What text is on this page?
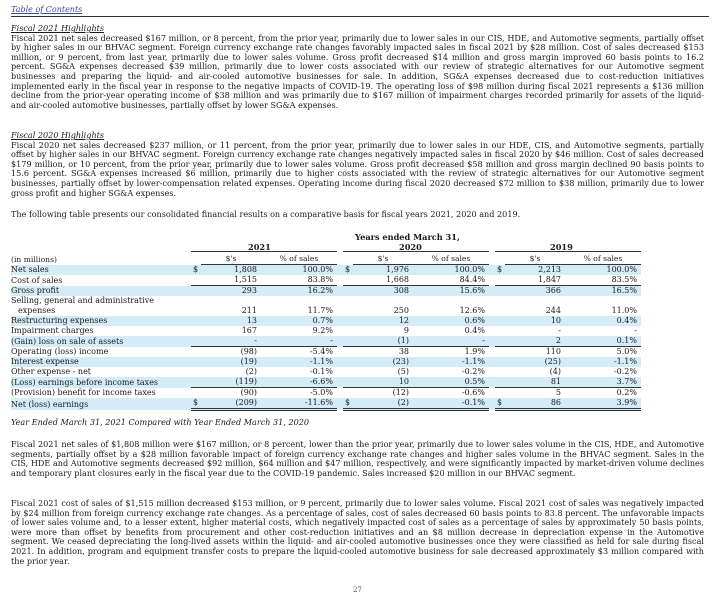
Table of Contents
Fiscal 2021 Highlights

Fiscal 2021 net sales decreased $167 million, or 8 percent, from the prior year, primarily due to lower sales in our CIS, HDE, and Automotive segments, partially offset by higher sales in our BHVAC segment. Foreign currency exchange rate changes favorably impacted sales in fiscal 2021 by $28 million. Cost of sales decreased $153 million, or 9 percent, from last year, primarily due to lower sales volume. Gross profit decreased $14 million and gross margin improved 60 basis points to 16.2 percent. SG&A expenses decreased $39 million, primarily due to lower costs associated with our review of strategic alternatives for our Automotive segment businesses and preparing the liquid- and air-cooled automotive businesses for sale. In addition, SG&A expenses decreased due to cost-reduction initiatives implemented early in the fiscal year in response to the negative impacts of COVID-19. The operating loss of $98 million during fiscal 2021 represents a $136 million decline from the prior-year operating income of $38 million and was primarily due to $167 million of impairment charges recorded primarily for assets of the liquid- and air-cooled automotive businesses, partially offset by lower SG&A expenses.

Fiscal 2020 Highlights

Fiscal 2020 net sales decreased $237 million, or 11 percent, from the prior year, primarily due to lower sales in our HDE, CIS, and Automotive segments, partially offset by higher sales in our BHVAC segment. Foreign currency exchange rate changes negatively impacted sales in fiscal 2020 by $46 million. Cost of sales decreased $179 million, or 10 percent, from the prior year, primarily due to lower sales volume. Gross profit decreased $58 million and gross margin declined 90 basis points to 15.6 percent. SG&A expenses increased $6 million, primarily due to higher costs associated with the review of strategic alternatives for our Automotive segment businesses, partially offset by lower-compensation related expenses. Operating income during fiscal 2020 decreased $72 million to $38 million, primarily due to lower gross profit and higher SG&A expenses.

The following table presents our consolidated financial results on a comparative basis for fiscal years 2021, 2020 and 2019.

Years ended March 31,
2021	2020	2019
(in millions)		$'s	% of sales			$'s	% of sales			$'s	% of sales
Net sales	$	1,808	100.0%		$	1,976	100.0%		$	2,213	100.0%
Cost of sales		1,515	83.8%			1,668	84.4%			1,847	83.5%
Gross profit		293	16.2%			308	15.6%			366	16.5%
Selling, general and administrative											
expenses		211	11.7%			250	12.6%			244	11.0%
Restructuring expenses		13	0.7%			12	0.6%			10	0.4%
Impairment charges		167	9.2%			9	0.4%			-	-
(Gain) loss on sale of assets		-	-			(1)	-			2	0.1%
Operating (loss) income		(98)	-5.4%			38	1.9%			110	5.0%
Interest expense		(19)	-1.1%			(23)	-1.1%			(25)	-1.1%
Other expense - net		(2)	-0.1%			(5)	-0.2%			(4)	-0.2%
(Loss) earnings before income taxes		(119)	-6.6%			10	0.5%			81	3.7%
(Provision) benefit for income taxes		(90)	-5.0%			(12)	-0.6%			5	0.2%
Net (loss) earnings	$	(209)	-11.6%		$	(2)	-0.1%		$	86	3.9%

Year Ended March 31, 2021 Compared with Year Ended March 31, 2020

Fiscal 2021 net sales of $1,808 million were $167 million, or 8 percent, lower than the prior year, primarily due to lower sales volume in the CIS, HDE, and Automotive segments, partially offset by a $28 million favorable impact of foreign currency exchange rate changes and higher sales volume in the BHVAC segment. Sales in the CIS, HDE and Automotive segments decreased $92 million, $64 million and $47 million, respectively, and were significantly impacted by market-driven volume declines and temporary plant closures early in the fiscal year due to the COVID-19 pandemic. Sales increased $20 million in our BHVAC segment.

Fiscal 2021 cost of sales of $1,515 million decreased $153 million, or 9 percent, primarily due to lower sales volume. Fiscal 2021 cost of sales was negatively impacted by $24 million from foreign currency exchange rate changes. As a percentage of sales, cost of sales decreased 60 basis points to 83.8 percent. The unfavorable impacts of lower sales volume and, to a lesser extent, higher material costs, which negatively impacted cost of sales as a percentage of sales by approximately 50 basis points, were more than offset by benefits from procurement and other cost-reduction initiatives and an $8 million decrease in depreciation expense in the Automotive segment. We ceased depreciating the long-lived assets within the liquid- and air-cooled automotive businesses once they were classified as held for sale during fiscal 2021. In addition, program and equipment transfer costs to prepare the liquid-cooled automotive business for sale decreased approximately $3 million compared with the prior year.

27
